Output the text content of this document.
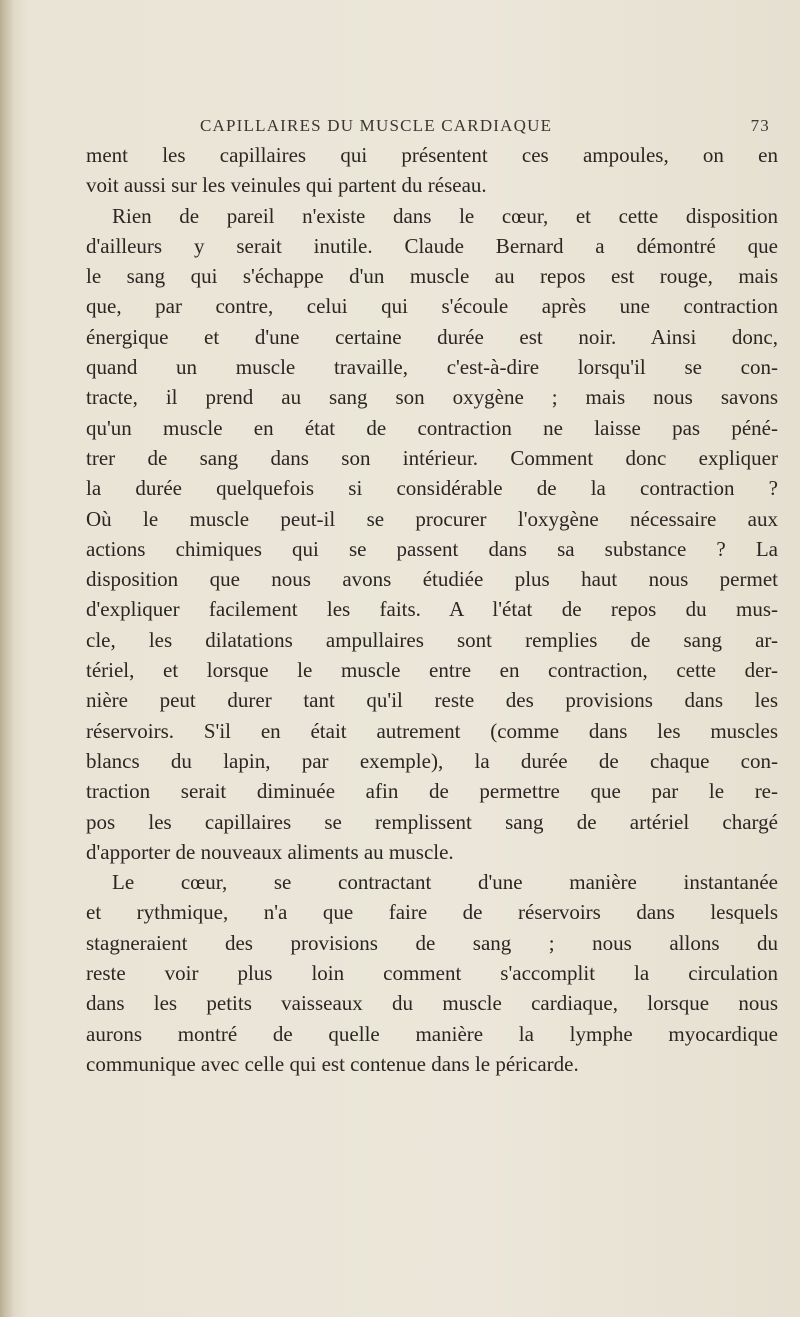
CAPILLAIRES DU MUSCLE CARDIAQUE	73
ment les capillaires qui présentent ces ampoules, on en
voit aussi sur les veinules qui partent du réseau.
Rien de pareil n'existe dans le cœur, et cette disposition
d'ailleurs y serait inutile. Claude Bernard a démontré que
le sang qui s'échappe d'un muscle au repos est rouge, mais
que, par contre, celui qui s'écoule après une contraction
énergique et d'une certaine durée est noir. Ainsi donc,
quand un muscle travaille, c'est-à-dire lorsqu'il se con-
tracte, il prend au sang son oxygène ; mais nous savons
qu'un muscle en état de contraction ne laisse pas péné-
trer de sang dans son intérieur. Comment donc expliquer
la durée quelquefois si considérable de la contraction ?
Où le muscle peut-il se procurer l'oxygène nécessaire aux
actions chimiques qui se passent dans sa substance ? La
disposition que nous avons étudiée plus haut nous permet
d'expliquer facilement les faits. A l'état de repos du mus-
cle, les dilatations ampullaires sont remplies de sang ar-
tériel, et lorsque le muscle entre en contraction, cette der-
nière peut durer tant qu'il reste des provisions dans les
réservoirs. S'il en était autrement (comme dans les muscles
blancs du lapin, par exemple), la durée de chaque con-
traction serait diminuée afin de permettre que par le re-
pos les capillaires se remplissent sang de artériel chargé
d'apporter de nouveaux aliments au muscle.
Le cœur, se contractant d'une manière instantanée
et rythmique, n'a que faire de réservoirs dans lesquels
stagneraient des provisions de sang ; nous allons du
reste voir plus loin comment s'accomplit la circulation
dans les petits vaisseaux du muscle cardiaque, lorsque nous
aurons montré de quelle manière la lymphe myocardique
communique avec celle qui est contenue dans le péricarde.
